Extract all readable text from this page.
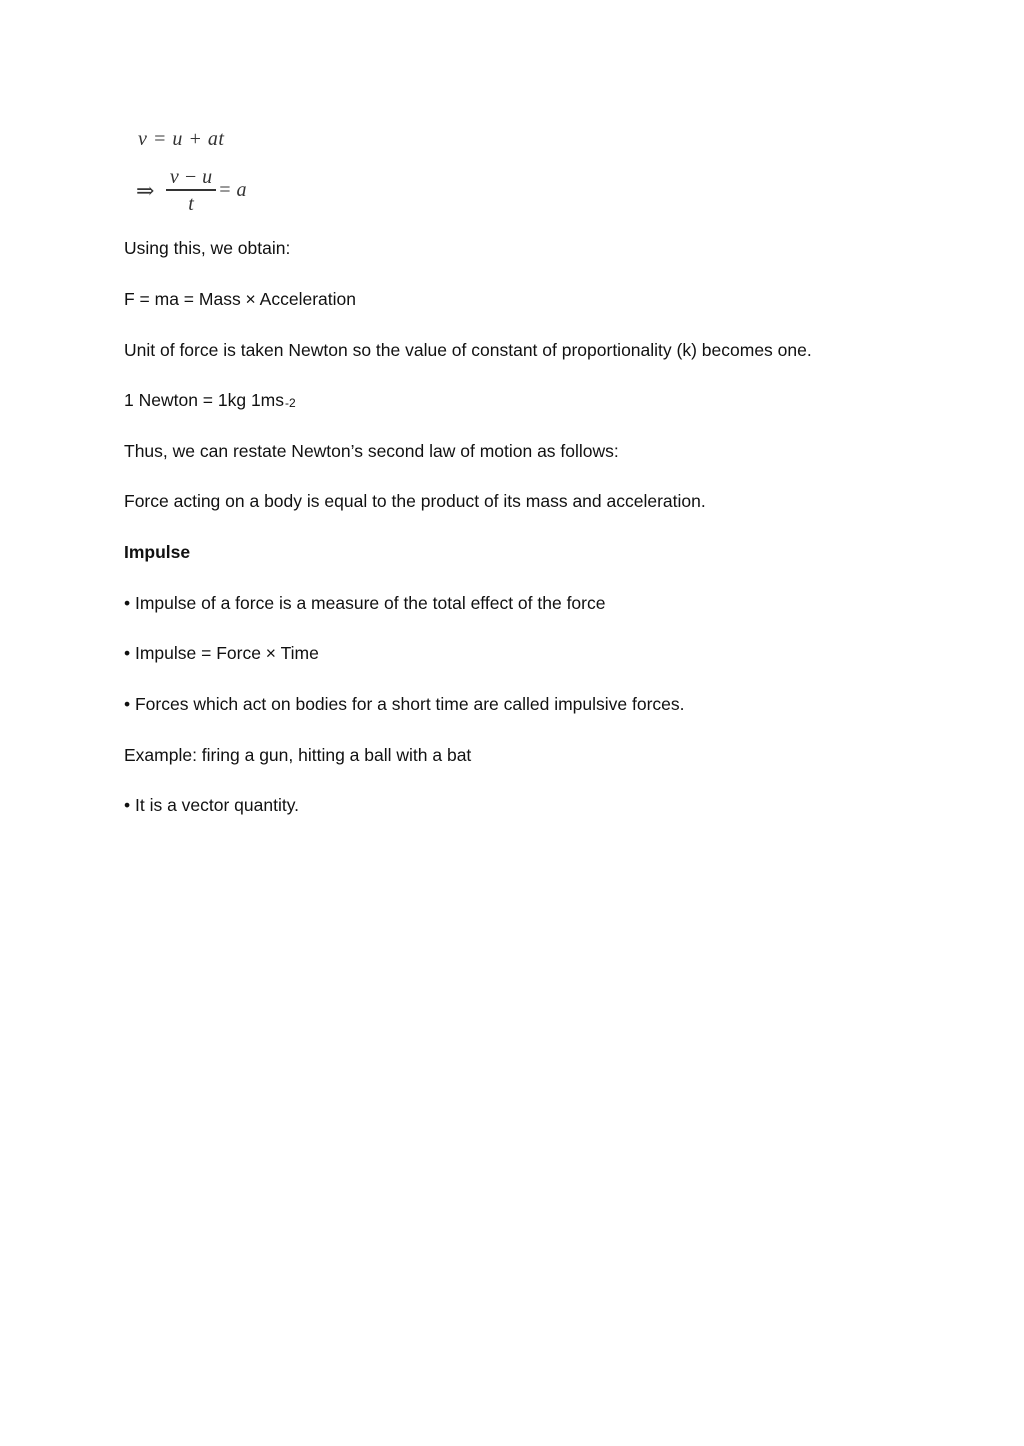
v = u + at
⇒
v − u
t
= a
Using this, we obtain:
F = ma = Mass × Acceleration
Unit of force is taken Newton so the value of constant of proportionality (k) becomes one.
1 Newton = 1kg $1ms^{-2}$
Thus, we can restate Newton’s second law of motion as follows:
Force acting on a body is equal to the product of its mass and acceleration.
Impulse
• Impulse of a force is a measure of the total effect of the force
• Impulse = Force × Time
• Forces which act on bodies for a short time are called impulsive forces.
Example: firing a gun, hitting a ball with a bat
• It is a vector quantity.
